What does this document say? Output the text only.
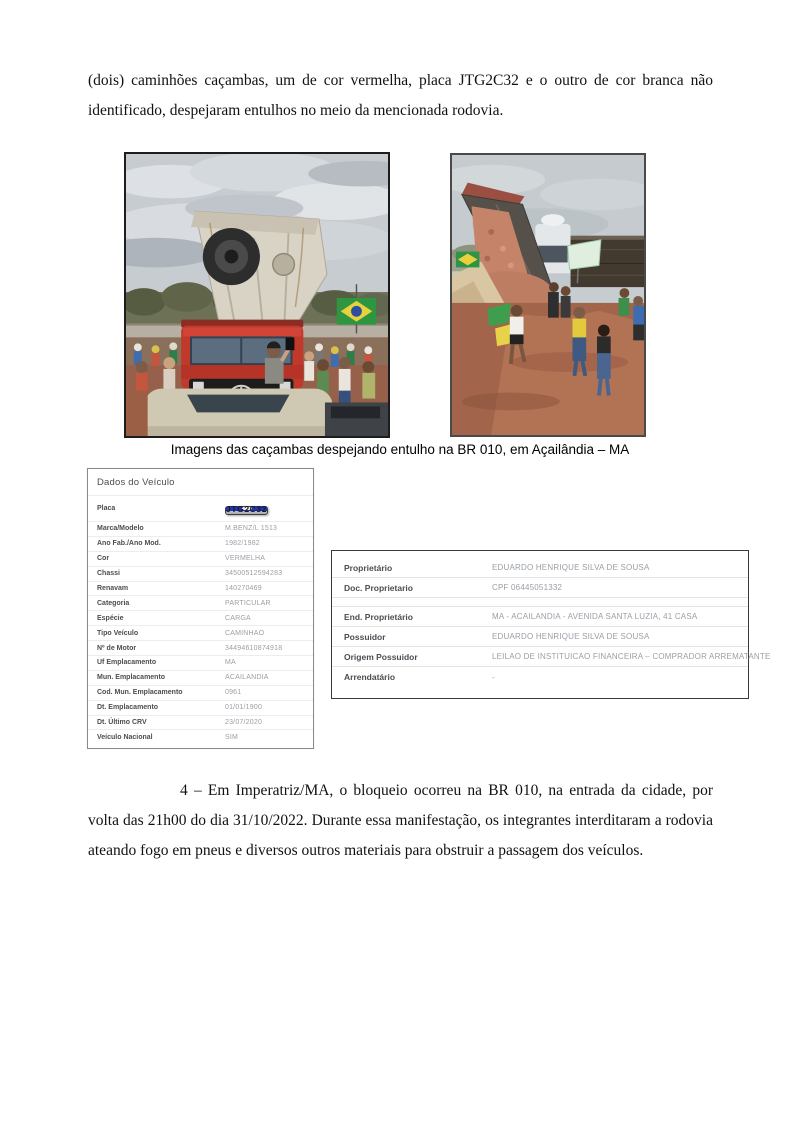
(dois) caminhões caçambas, um de cor vermelha, placa JTG2C32 e o outro de cor branca não identificado, despejaram entulhos no meio da mencionada rodovia.

Imagens das caçambas despejando entulho na BR 010, em Açailândia – MA
Dados do Veículo
Placa	JTG2C32
Marca/Modelo	M.BENZ/L 1513
Ano Fab./Ano Mod.	1982/1982
Cor	VERMELHA
Chassi	34500512594283
Renavam	140270469
Categoria	PARTICULAR
Espécie	CARGA
Tipo Veículo	CAMINHAO
Nº de Motor	34494610874918
Uf Emplacamento	MA
Mun. Emplacamento	ACAILANDIA
Cod. Mun. Emplacamento	0961
Dt. Emplacamento	01/01/1900
Dt. Último CRV	23/07/2020
Veículo Nacional	SIM
Proprietário	EDUARDO HENRIQUE SILVA DE SOUSA
Doc. Proprietario	CPF 06445051332
End. Proprietário	MA - ACAILANDIA - AVENIDA SANTA LUZIA, 41 CASA
Possuidor	EDUARDO HENRIQUE SILVA DE SOUSA
Origem Possuidor	LEILAO DE INSTITUICAO FINANCEIRA – COMPRADOR ARREMATANTE
Arrendatário	-

4 – Em Imperatriz/MA, o bloqueio ocorreu na BR 010, na entrada da cidade, por volta das 21h00 do dia 31/10/2022. Durante essa manifestação, os integrantes interditaram a rodovia ateando fogo em pneus e diversos outros materiais para obstruir a passagem dos veículos.
